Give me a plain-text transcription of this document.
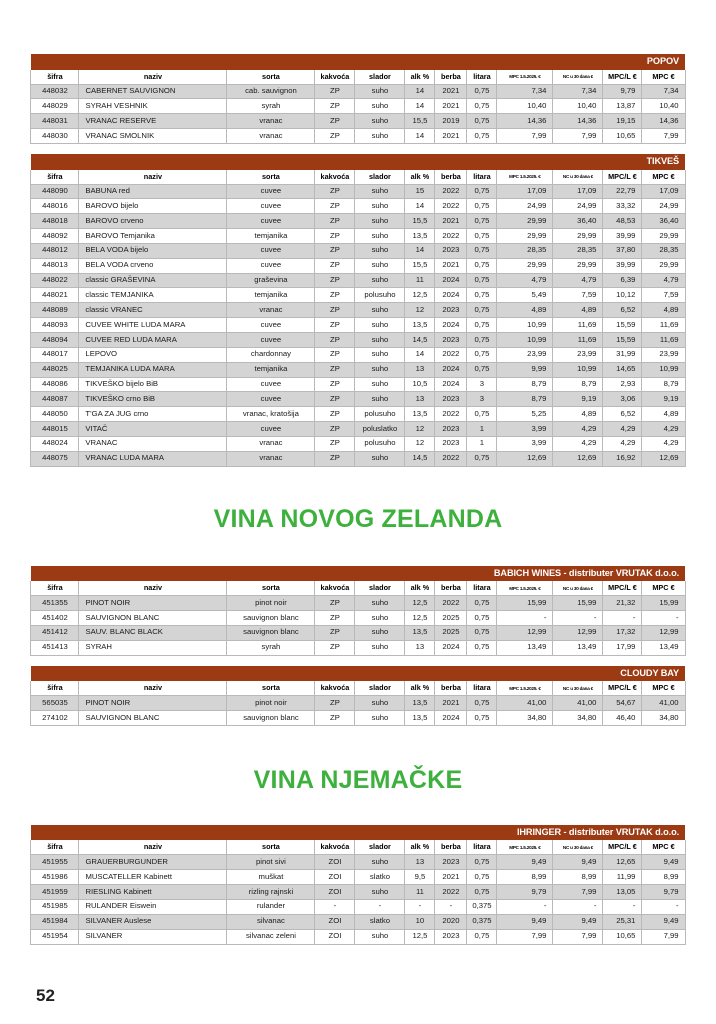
POPOV											
šifra	naziv	sorta	kakvoća	slador	alk %	berba	litara	MPC 1.5.2025. €	NC u 30 dana €	MPC/L €	MPC €
448032	CABERNET SAUVIGNON	cab. sauvignon	ZP	suho	14	2021	0,75	7,34	7,34	9,79	7,34
448029	SYRAH VESHNIK	syrah	ZP	suho	14	2021	0,75	10,40	10,40	13,87	10,40
448031	VRANAC RESERVE	vranac	ZP	suho	15,5	2019	0,75	14,36	14,36	19,15	14,36
448030	VRANAC SMOLNIK	vranac	ZP	suho	14	2021	0,75	7,99	7,99	10,65	7,99
TIKVEŠ											
šifra	naziv	sorta	kakvoća	slador	alk %	berba	litara	MPC 1.5.2025. €	NC u 30 dana €	MPC/L €	MPC €
448090	BABUNA red	cuvee	ZP	suho	15	2022	0,75	17,09	17,09	22,79	17,09
448016	BAROVO bijelo	cuvee	ZP	suho	14	2022	0,75	24,99	24,99	33,32	24,99
448018	BAROVO crveno	cuvee	ZP	suho	15,5	2021	0,75	29,99	36,40	48,53	36,40
448092	BAROVO Temjanika	temjanika	ZP	suho	13,5	2022	0,75	29,99	29,99	39,99	29,99
448012	BELA VODA bijelo	cuvee	ZP	suho	14	2023	0,75	28,35	28,35	37,80	28,35
448013	BELA VODA crveno	cuvee	ZP	suho	15,5	2021	0,75	29,99	29,99	39,99	29,99
448022	classic GRAŠEVINA	graševina	ZP	suho	11	2024	0,75	4,79	4,79	6,39	4,79
448021	classic TEMJANIKA	temjanika	ZP	polusuho	12,5	2024	0,75	5,49	7,59	10,12	7,59
448089	classic VRANEC	vranac	ZP	suho	12	2023	0,75	4,89	4,89	6,52	4,89
448093	CUVEE WHITE LUDA MARA	cuvee	ZP	suho	13,5	2024	0,75	10,99	11,69	15,59	11,69
448094	CUVEE RED LUDA MARA	cuvee	ZP	suho	14,5	2023	0,75	10,99	11,69	15,59	11,69
448017	LEPOVO	chardonnay	ZP	suho	14	2022	0,75	23,99	23,99	31,99	23,99
448025	TEMJANIKA LUDA MARA	temjanika	ZP	suho	13	2024	0,75	9,99	10,99	14,65	10,99
448086	TIKVEŠKO bijelo BiB	cuvee	ZP	suho	10,5	2024	3	8,79	8,79	2,93	8,79
448087	TIKVEŠKO crno BiB	cuvee	ZP	suho	13	2023	3	8,79	9,19	3,06	9,19
448050	T'GA ZA JUG crno	vranac, kratošija	ZP	polusuho	13,5	2022	0,75	5,25	4,89	6,52	4,89
448015	VITAČ	cuvee	ZP	poluslatko	12	2023	1	3,99	4,29	4,29	4,29
448024	VRANAC	vranac	ZP	polusuho	12	2023	1	3,99	4,29	4,29	4,29
448075	VRANAC LUDA MARA	vranac	ZP	suho	14,5	2022	0,75	12,69	12,69	16,92	12,69
VINA NOVOG ZELANDA
BABICH WINES - distributer VRUTAK d.o.o.											
šifra	naziv	sorta	kakvoća	slador	alk %	berba	litara	MPC 1.5.2025. €	NC u 30 dana €	MPC/L €	MPC €
451355	PINOT NOIR	pinot noir	ZP	suho	12,5	2022	0,75	15,99	15,99	21,32	15,99
451402	SAUVIGNON BLANC	sauvignon blanc	ZP	suho	12,5	2025	0,75	-	-	-	-
451412	SAUV. BLANC BLACK	sauvignon blanc	ZP	suho	13,5	2025	0,75	12,99	12,99	17,32	12,99
451413	SYRAH	syrah	ZP	suho	13	2024	0,75	13,49	13,49	17,99	13,49
CLOUDY BAY											
šifra	naziv	sorta	kakvoća	slador	alk %	berba	litara	MPC 1.5.2025. €	NC u 30 dana €	MPC/L €	MPC €
565035	PINOT NOIR	pinot noir	ZP	suho	13,5	2021	0,75	41,00	41,00	54,67	41,00
274102	SAUVIGNON BLANC	sauvignon blanc	ZP	suho	13,5	2024	0,75	34,80	34,80	46,40	34,80
VINA NJEMAČKE
IHRINGER - distributer VRUTAK d.o.o.											
šifra	naziv	sorta	kakvoća	slador	alk %	berba	litara	MPC 1.5.2025. €	NC u 30 dana €	MPC/L €	MPC €
451955	GRAUERBURGUNDER	pinot sivi	ZOI	suho	13	2023	0,75	9,49	9,49	12,65	9,49
451986	MUSCATELLER Kabinett	muškat	ZOI	slatko	9,5	2021	0,75	8,99	8,99	11,99	8,99
451959	RIESLING Kabinett	rizling rajnski	ZOI	suho	11	2022	0,75	9,79	7,99	13,05	9,79
451985	RULANDER Eiswein	rulander	-	-	-	-	0,375	-	-	-	-
451984	SILVANER Auslese	silvanac	ZOI	slatko	10	2020	0,375	9,49	9,49	25,31	9,49
451954	SILVANER	silvanac zeleni	ZOI	suho	12,5	2023	0,75	7,99	7,99	10,65	7,99
52
